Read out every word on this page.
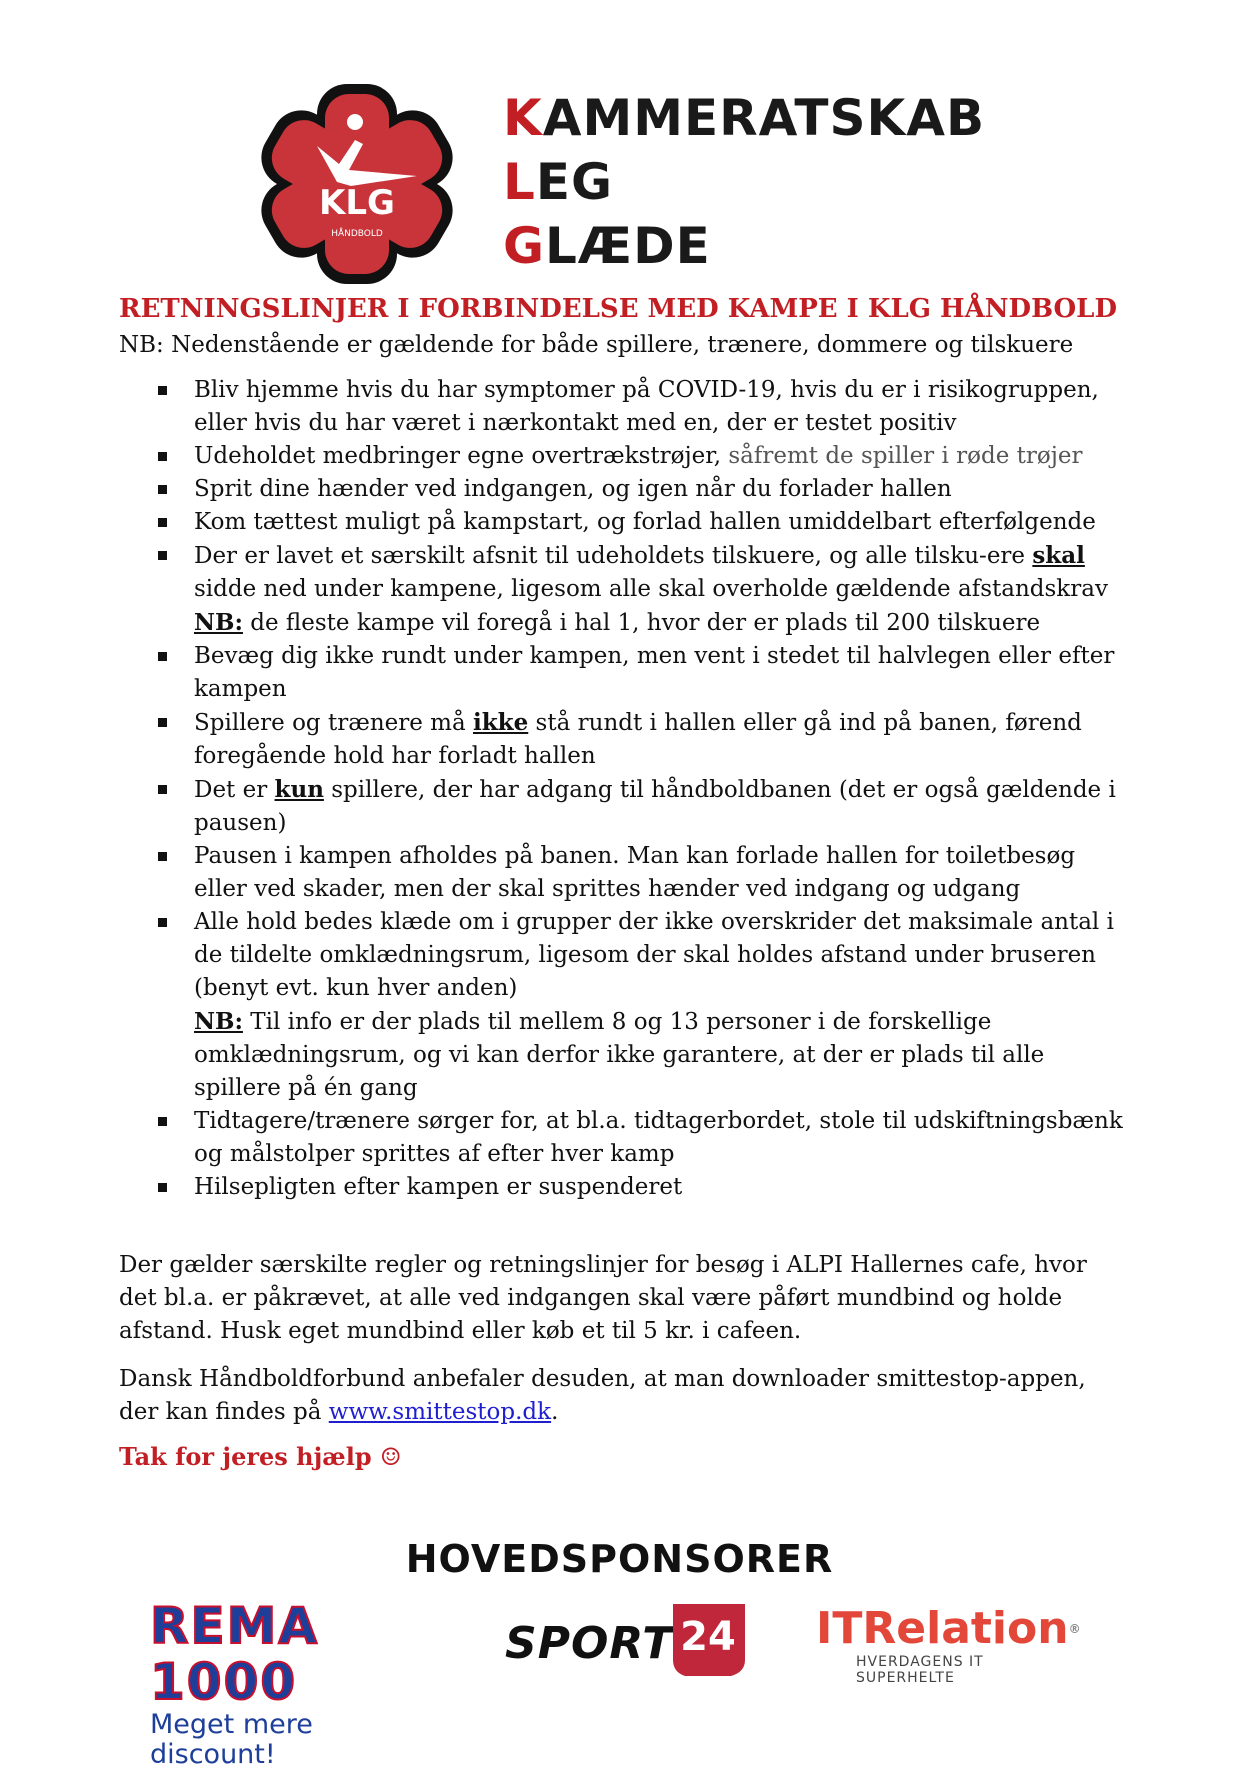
KLG
HÅNDBOLD
KAMMERATSKAB
LEG
GLÆDE
RETNINGSLINJER I FORBINDELSE MED KAMPE I KLG HÅNDBOLD
NB: Nedenstående er gældende for både spillere, trænere, dommere og tilskuere
Bliv hjemme hvis du har symptomer på COVID-19, hvis du er i risikogruppen, eller hvis du har været i nærkontakt med en, der er testet positiv
Udeholdet medbringer egne overtrækstrøjer, såfremt de spiller i røde trøjer
Sprit dine hænder ved indgangen, og igen når du forlader hallen
Kom tættest muligt på kampstart, og forlad hallen umiddelbart efterfølgende
Der er lavet et særskilt afsnit til udeholdets tilskuere, og alle tilsku-ere skal sidde ned under kampene, ligesom alle skal overholde gældende afstandskrav
NB: de fleste kampe vil foregå i hal 1, hvor der er plads til 200 tilskuere
Bevæg dig ikke rundt under kampen, men vent i stedet til halvlegen eller efter kampen
Spillere og trænere må ikke stå rundt i hallen eller gå ind på banen, førend foregående hold har forladt hallen
Det er kun spillere, der har adgang til håndboldbanen (det er også gældende i pausen)
Pausen i kampen afholdes på banen. Man kan forlade hallen for toiletbesøg eller ved skader, men der skal sprittes hænder ved indgang og udgang
Alle hold bedes klæde om i grupper der ikke overskrider det maksimale antal i de tildelte omklædningsrum, ligesom der skal holdes afstand under bruseren (benyt evt. kun hver anden)
NB: Til info er der plads til mellem 8 og 13 personer i de forskellige omklædningsrum, og vi kan derfor ikke garantere, at der er plads til alle spillere på én gang
Tidtagere/trænere sørger for, at bl.a. tidtagerbordet, stole til udskiftningsbænk og målstolper sprittes af efter hver kamp
Hilsepligten efter kampen er suspenderet
Der gælder særskilte regler og retningslinjer for besøg i ALPI Hallernes cafe, hvor det bl.a. er påkrævet, at alle ved indgangen skal være påført mundbind og holde afstand. Husk eget mundbind eller køb et til 5 kr. i cafeen.
Dansk Håndboldforbund anbefaler desuden, at man downloader smittestop-appen, der kan findes på www.smittestop.dk.
Tak for jeres hjælp ☺
HOVEDSPONSORER
REMA 1000
Meget mere discount!
SPORT 24	ITRelation®
HVERDAGENS IT SUPERHELTE
